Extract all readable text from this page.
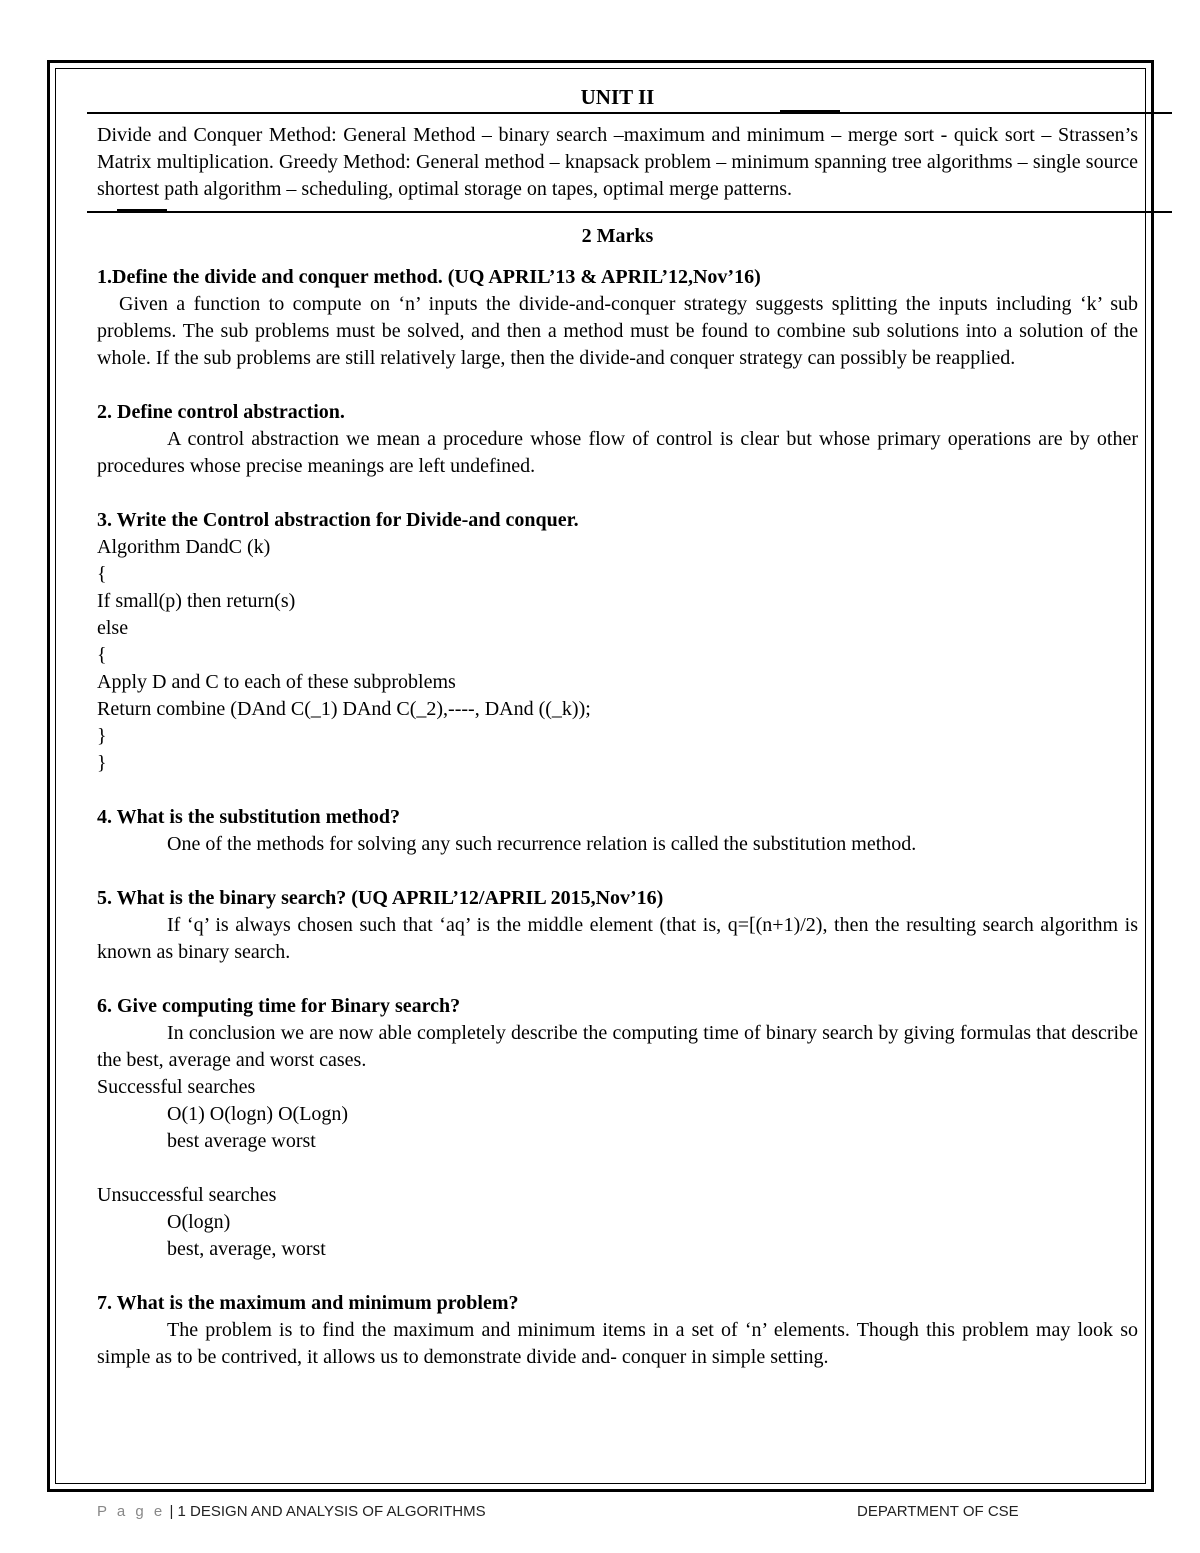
UNIT II

Divide and Conquer Method: General Method – binary search –maximum and minimum – merge sort - quick sort – Strassen’s Matrix multiplication. Greedy Method: General method – knapsack problem – minimum spanning tree algorithms – single source shortest path algorithm – scheduling, optimal storage on tapes, optimal merge patterns.

2 Marks
1.Define the divide and conquer method. (UQ APRIL’13 & APRIL’12,Nov’16)

Given a function to compute on ‘n’ inputs the divide-and-conquer strategy suggests splitting the inputs including ‘k’ sub problems. The sub problems must be solved, and then a method must be found to combine sub solutions into a solution of the whole. If the sub problems are still relatively large, then the divide-and conquer strategy can possibly be reapplied.

2. Define control abstraction.

A control abstraction we mean a procedure whose flow of control is clear but whose primary operations are by other procedures whose precise meanings are left undefined.

3. Write the Control abstraction for Divide-and conquer.
Algorithm DandC (k)
{
If small(p) then return(s)
else
{
Apply D and C to each of these subproblems
Return combine (DAnd C(_1) DAnd C(_2),----, DAnd ((_k));
}
}
4. What is the substitution method?

One of the methods for solving any such recurrence relation is called the substitution method.

5. What is the binary search? (UQ APRIL’12/APRIL 2015,Nov’16)

If ‘q’ is always chosen such that ‘aq’ is the middle element (that is, q=[(n+1)/2), then the resulting search algorithm is known as binary search.

6. Give computing time for Binary search?

In conclusion we are now able completely describe the computing time of binary search by giving formulas that describe the best, average and worst cases.

Successful searches
O(1) O(logn) O(Logn)
best average worst
Unsuccessful searches
O(logn)
best, average, worst
7. What is the maximum and minimum problem?

The problem is to find the maximum and minimum items in a set of ‘n’ elements. Though this problem may look so simple as to be contrived, it allows us to demonstrate divide and- conquer in simple setting.

P a g e | 1 DESIGN AND ANALYSIS OF ALGORITHMS	DEPARTMENT OF CSE
